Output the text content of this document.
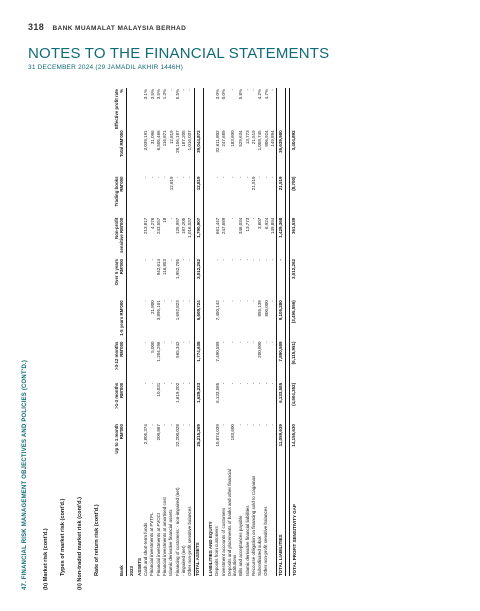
318 BANK MUAMALAT MALAYSIA BERHAD
NOTES TO THE FINANCIAL STATEMENTS
31 DECEMBER 2024 (29 JAMADIL AKHIR 1446H)
47. FINANCIAL RISK MANAGEMENT OBJECTIVES AND POLICIES (CONT'D.)	(b) Market risk (cont'd.) Types of market risk (cont'd.) (ii) Non-traded market risk (cont'd.) Rate of return risk (cont'd.)	Bank	Up to 1 month RM'000	>1-3 months RM'000	>3-12 months RM'000	1-5 years RM'000	Over 5 years RM'000	Non-profit sensitive RM'000	Trading books RM'000	Total RM'000	Effective profit rate %
2023									
ASSETS									
Cash and short-term funds	2,805,374	-	-	-	-	213,817	-	3,039,191	3.1%
Financial investments at FVTPL	-	-	5,000	21,800	-	4,276	-	31,096	3.5%
Financial investments at FVOCI	209,867	10,031	1,204,296	3,895,101	942,614	243,557	-	6,505,466	3.5%
Financial investments at amortised cost	-	-	-	-	116,853	18	-	116,871	1.3%
Islamic derivative financial assets	-	-	-	-	-	-	12,819	12,819	-
Financing of customers: - non-impaired (net)	22,200,028	1,619,202	565,342	1,692,823	1,952,795	125,997	-	28,156,187	5.5%
- impaired (net)	-	-	-	-	-	187,205	-	187,205	-
Other non-profit sensitive balances	-	-	-	-	-	1,016,037	-	1,016,037	-
TOTAL ASSETS	25,215,269	1,629,233	1,774,638	5,609,724	3,012,262	1,790,907	12,819	39,044,872	

LIABILITIES AND EQUITY									
Deposits from customers	10,874,039	6,133,585	7,490,589	7,450,142	-	661,447	-	32,611,802	3.0%
Investment accounts of customers	-	-	-	-	-	247,689	-	247,689	0.0%
Deposits and placements of banks and other financial institutions	183,600	-	-	-	-	-	-	183,600	-
Bills and acceptances payable	-	-	-	-	-	346,034	-	529,634	5.8%
Islamic derivative financial liabilities	-	-	-	-	-	13,773	-	13,773	-
Recourse obligation on financing sold to Cagamas	-	-	-	-	-	-	21,519	21,519	-
Subordinated sukuk	-	-	200,000	855,138	-	3,607	-	1,058,745	4.2%
Other non-profit sensitive balances	-	-	-	800,000	-	6,924	-	806,924	4.7%
	-	-	-	-	-	149,894	-	149,894	-
TOTAL LIABILITIES	11,059,639	6,133,585	7,890,589	9,105,280	-	1,429,368	21,519	35,639,980	

TOTAL PROFIT SENSITIVITY GAP	14,155,630	(4,504,352)	(6,115,951)	(3,495,556)	3,012,262	361,539	(8,700)	3,404,892	
